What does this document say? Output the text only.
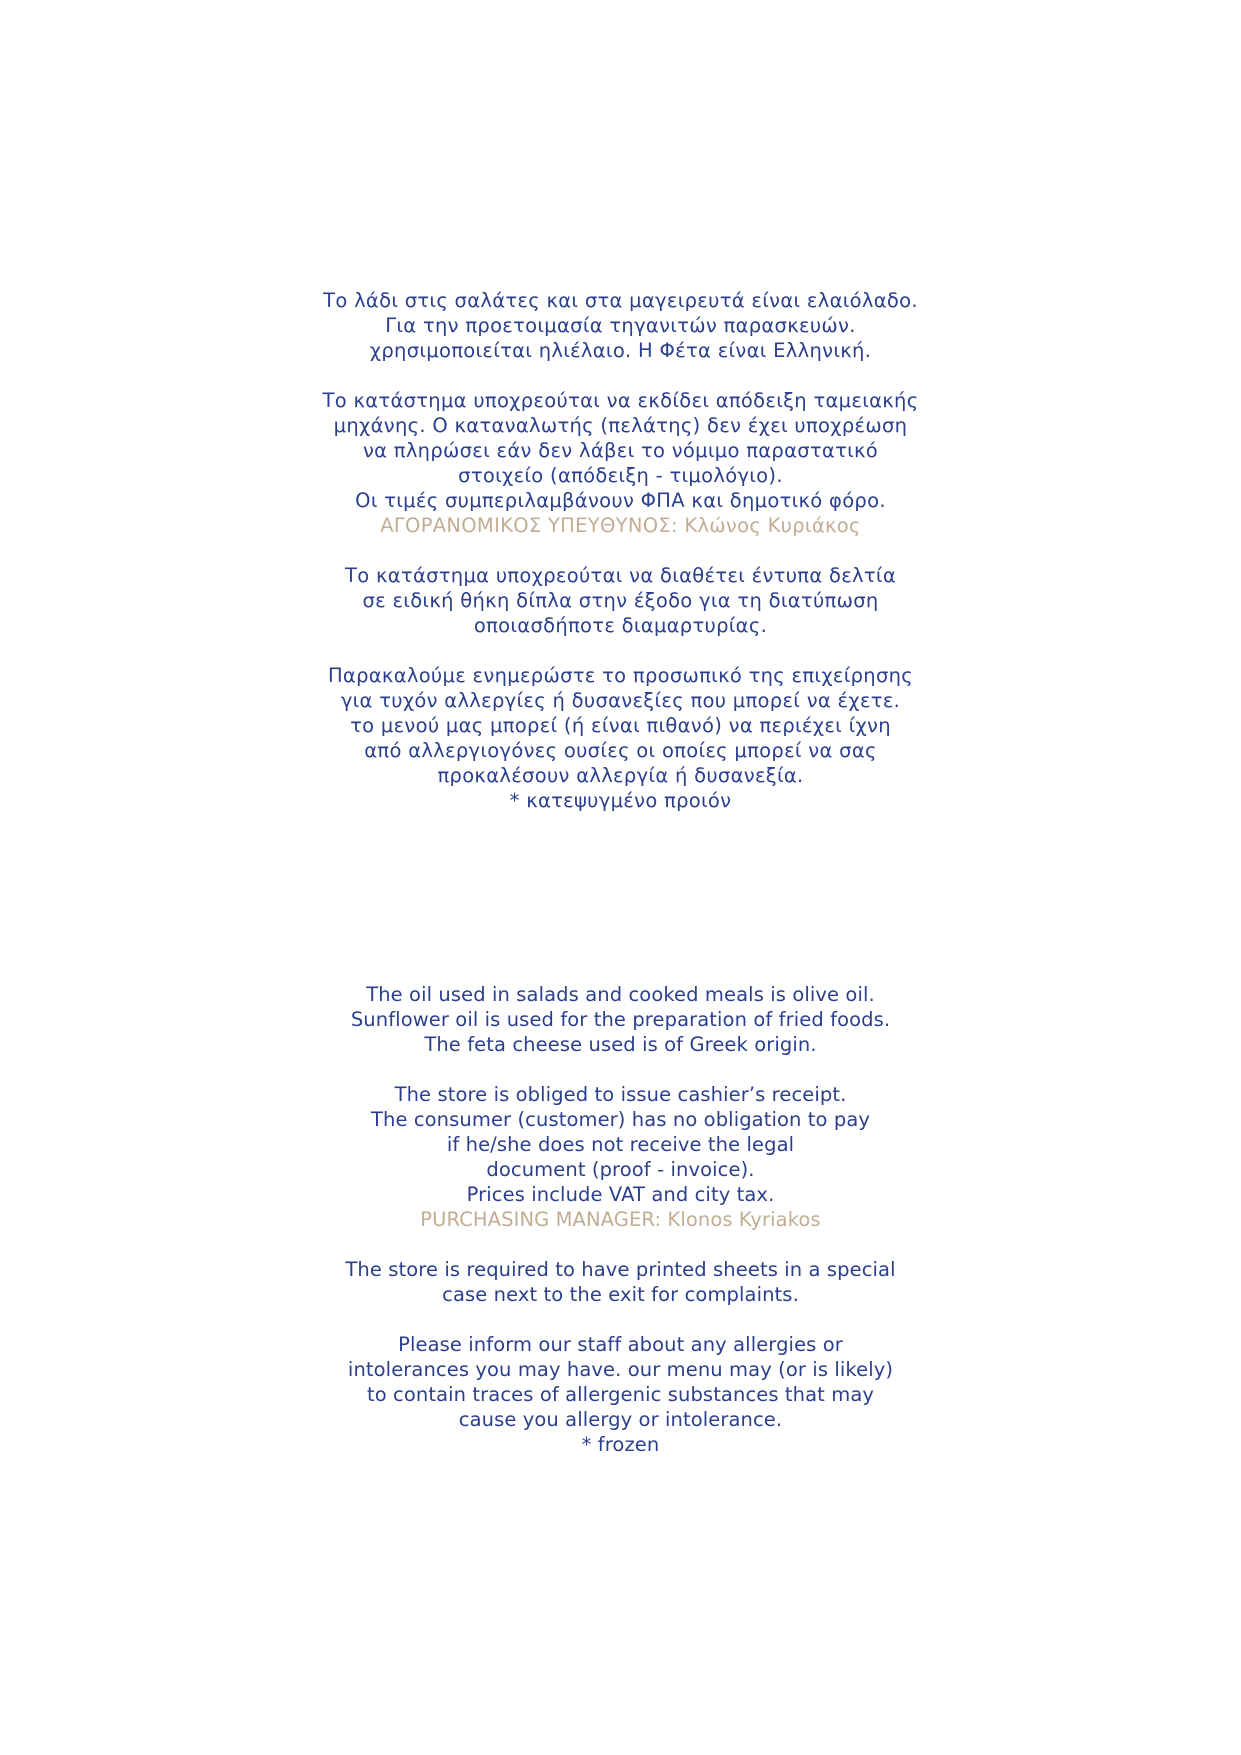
Το λάδι στις σαλάτες και στα μαγειρευτά είναι ελαιόλαδο.
Για την προετοιμασία τηγανιτών παρασκευών.
χρησιμοποιείται ηλιέλαιο. Η Φέτα είναι Ελληνική.
Το κατάστημα υποχρεούται να εκδίδει απόδειξη ταμειακής
μηχάνης. Ο καταναλωτής (πελάτης) δεν έχει υποχρέωση
να πληρώσει εάν δεν λάβει το νόμιμο παραστατικό
στοιχείο (απόδειξη - τιμολόγιο).
Οι τιμές συμπεριλαμβάνουν ΦΠΑ και δημοτικό φόρο.
ΑΓΟΡΑΝΟΜΙΚΟΣ ΥΠΕΥΘΥΝΟΣ: Κλώνος Κυριάκος
Το κατάστημα υποχρεούται να διαθέτει έντυπα δελτία
σε ειδική θήκη δίπλα στην έξοδο για τη διατύπωση
οποιασδήποτε διαμαρτυρίας.
Παρακαλούμε ενημερώστε το προσωπικό της επιχείρησης
για τυχόν αλλεργίες ή δυσανεξίες που μπορεί να έχετε.
το μενού μας μπορεί (ή είναι πιθανό) να περιέχει ίχνη
από αλλεργιογόνες ουσίες οι οποίες μπορεί να σας
προκαλέσουν αλλεργία ή δυσανεξία.
* κατεψυγμένο προιόν
The oil used in salads and cooked meals is olive oil.
Sunflower oil is used for the preparation of fried foods.
The feta cheese used is of Greek origin.
The store is obliged to issue cashier’s receipt.
The consumer (customer) has no obligation to pay
if he/she does not receive the legal
document (proof - invoice).
Prices include VAT and city tax.
PURCHASING MANAGER: Klonos Kyriakos
The store is required to have printed sheets in a special
case next to the exit for complaints.
Please inform our staff about any allergies or
intolerances you may have. our menu may (or is likely)
to contain traces of allergenic substances that may
cause you allergy or intolerance.
* frozen
